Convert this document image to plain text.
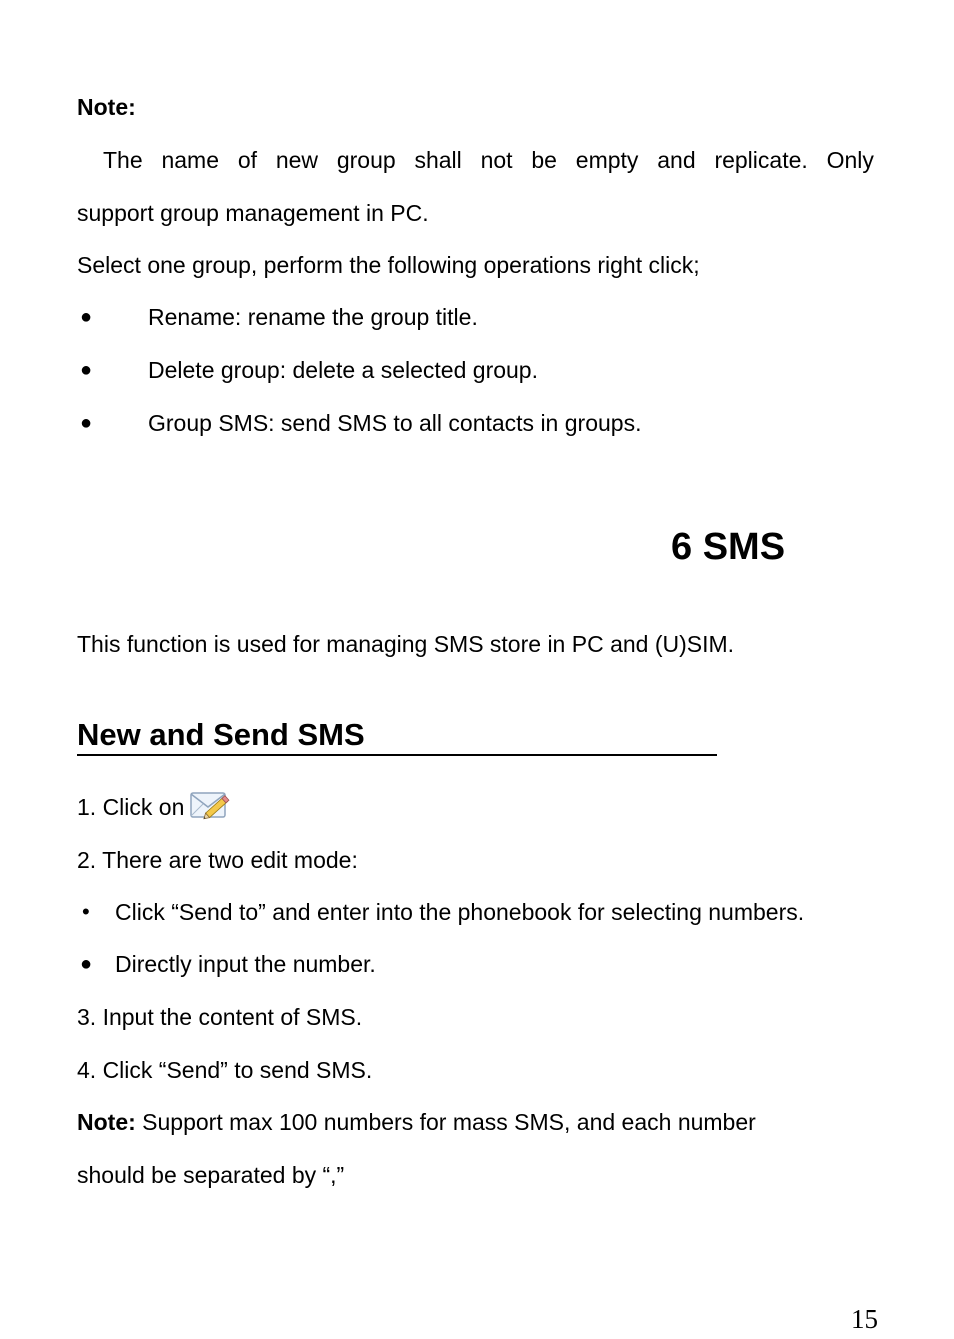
Note:
The name of new group shall not be empty and replicate. Only
support group management in PC.
Select one group, perform the following operations right click;
● Rename: rename the group title.
● Delete group: delete a selected group.
● Group SMS: send SMS to all contacts in groups.
6 SMS
This function is used for managing SMS store in PC and (U)SIM.
New and Send SMS
1. Click on
2. There are two edit mode:
• Click “Send to” and enter into the phonebook for selecting numbers.
● Directly input the number.
3. Input the content of SMS.
4. Click “Send” to send SMS.
Note: Support max 100 numbers for mass SMS, and each number
should be separated by “,”
15
